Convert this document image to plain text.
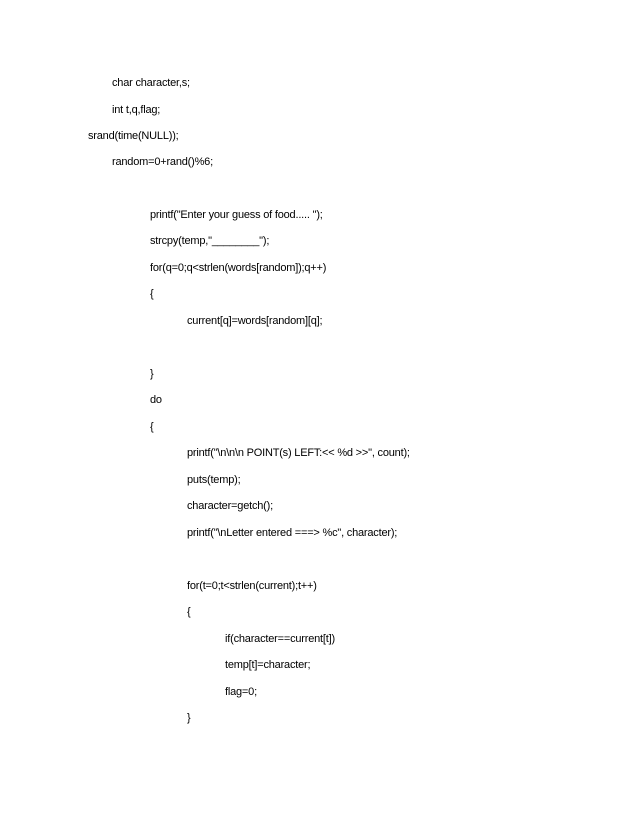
char character,s;
int t,q,flag;
srand(time(NULL));
random=0+rand()%6;
printf("Enter your guess of food..... ");
strcpy(temp,"________");
for(q=0;q<strlen(words[random]);q++)
{
current[q]=words[random][q];
}
do
{
printf("\n\n\n POINT(s) LEFT:<< %d >>", count);
puts(temp);
character=getch();
printf("\nLetter entered ===> %c", character);
for(t=0;t<strlen(current);t++)
{
if(character==current[t])
temp[t]=character;
flag=0;
}
